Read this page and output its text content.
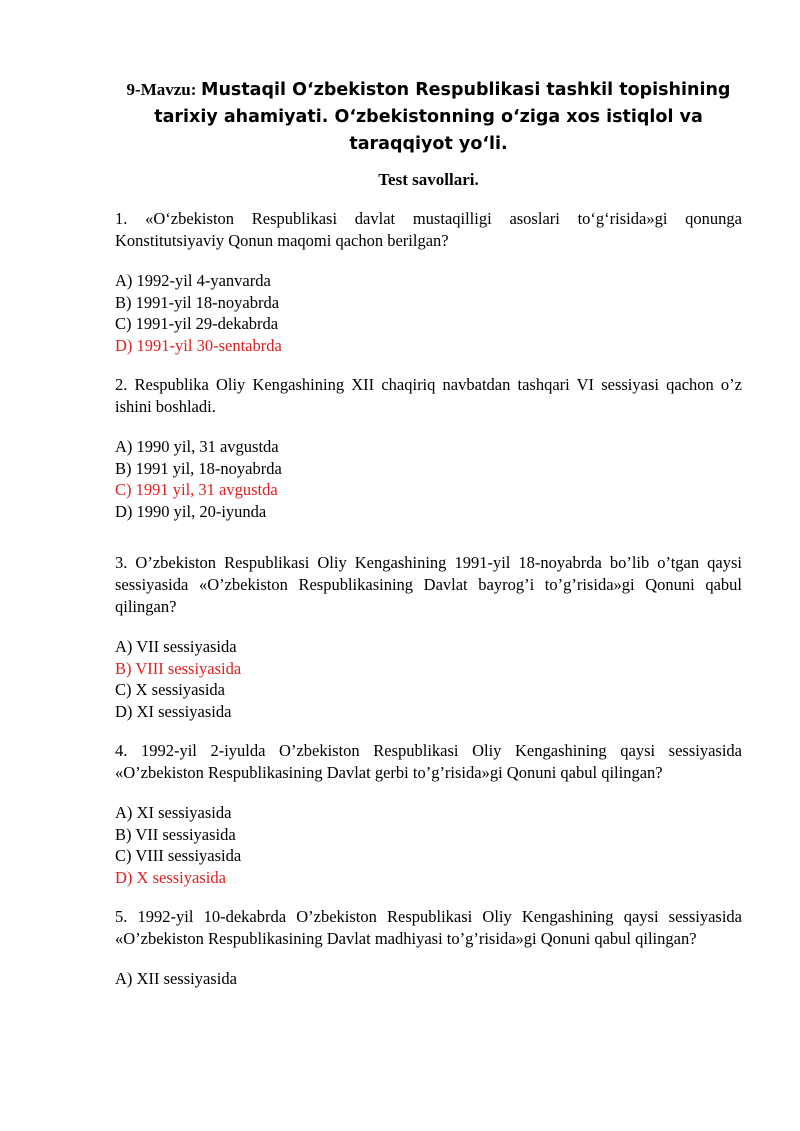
9-Mavzu: Mustaqil O‘zbekiston Respublikasi tashkil topishining tarixiy ahamiyati. O‘zbekistonning o‘ziga xos istiqlol va taraqqiyot yo‘li.
Test savollari.

1. «O‘zbekiston Respublikasi davlat mustaqilligi asoslari to‘g‘risida»gi qonunga Konstitutsiyaviy Qonun maqomi qachon berilgan?

A) 1992-yil 4-yanvarda
B) 1991-yil 18-noyabrda
C) 1991-yil 29-dekabrda
D) 1991-yil 30-sentabrda

2. Respublika Oliy Kengashining XII chaqiriq navbatdan tashqari VI sessiyasi qachon o’z ishini boshladi.

A) 1990 yil, 31 avgustda
B) 1991 yil, 18-noyabrda
C) 1991 yil, 31 avgustda
D) 1990 yil, 20-iyunda

3. O’zbekiston Respublikasi Oliy Kengashining 1991-yil 18-noyabrda bo’lib o’tgan qaysi sessiyasida «O’zbekiston Respublikasining Davlat bayrog’i to’g’risida»gi Qonuni qabul qilingan?

A) VII sessiyasida
B) VIII sessiyasida
C) X sessiyasida
D) XI sessiyasida

4. 1992-yil 2-iyulda O’zbekiston Respublikasi Oliy Kengashining qaysi sessiyasida «O’zbekiston Respublikasining Davlat gerbi to’g’risida»gi Qonuni qabul qilingan?

A) XI sessiyasida
B) VII sessiyasida
C) VIII sessiyasida
D) X sessiyasida

5. 1992-yil 10-dekabrda O’zbekiston Respublikasi Oliy Kengashining qaysi sessiyasida «O’zbekiston Respublikasining Davlat madhiyasi to’g’risida»gi Qonuni qabul qilingan?

A) XII sessiyasida
